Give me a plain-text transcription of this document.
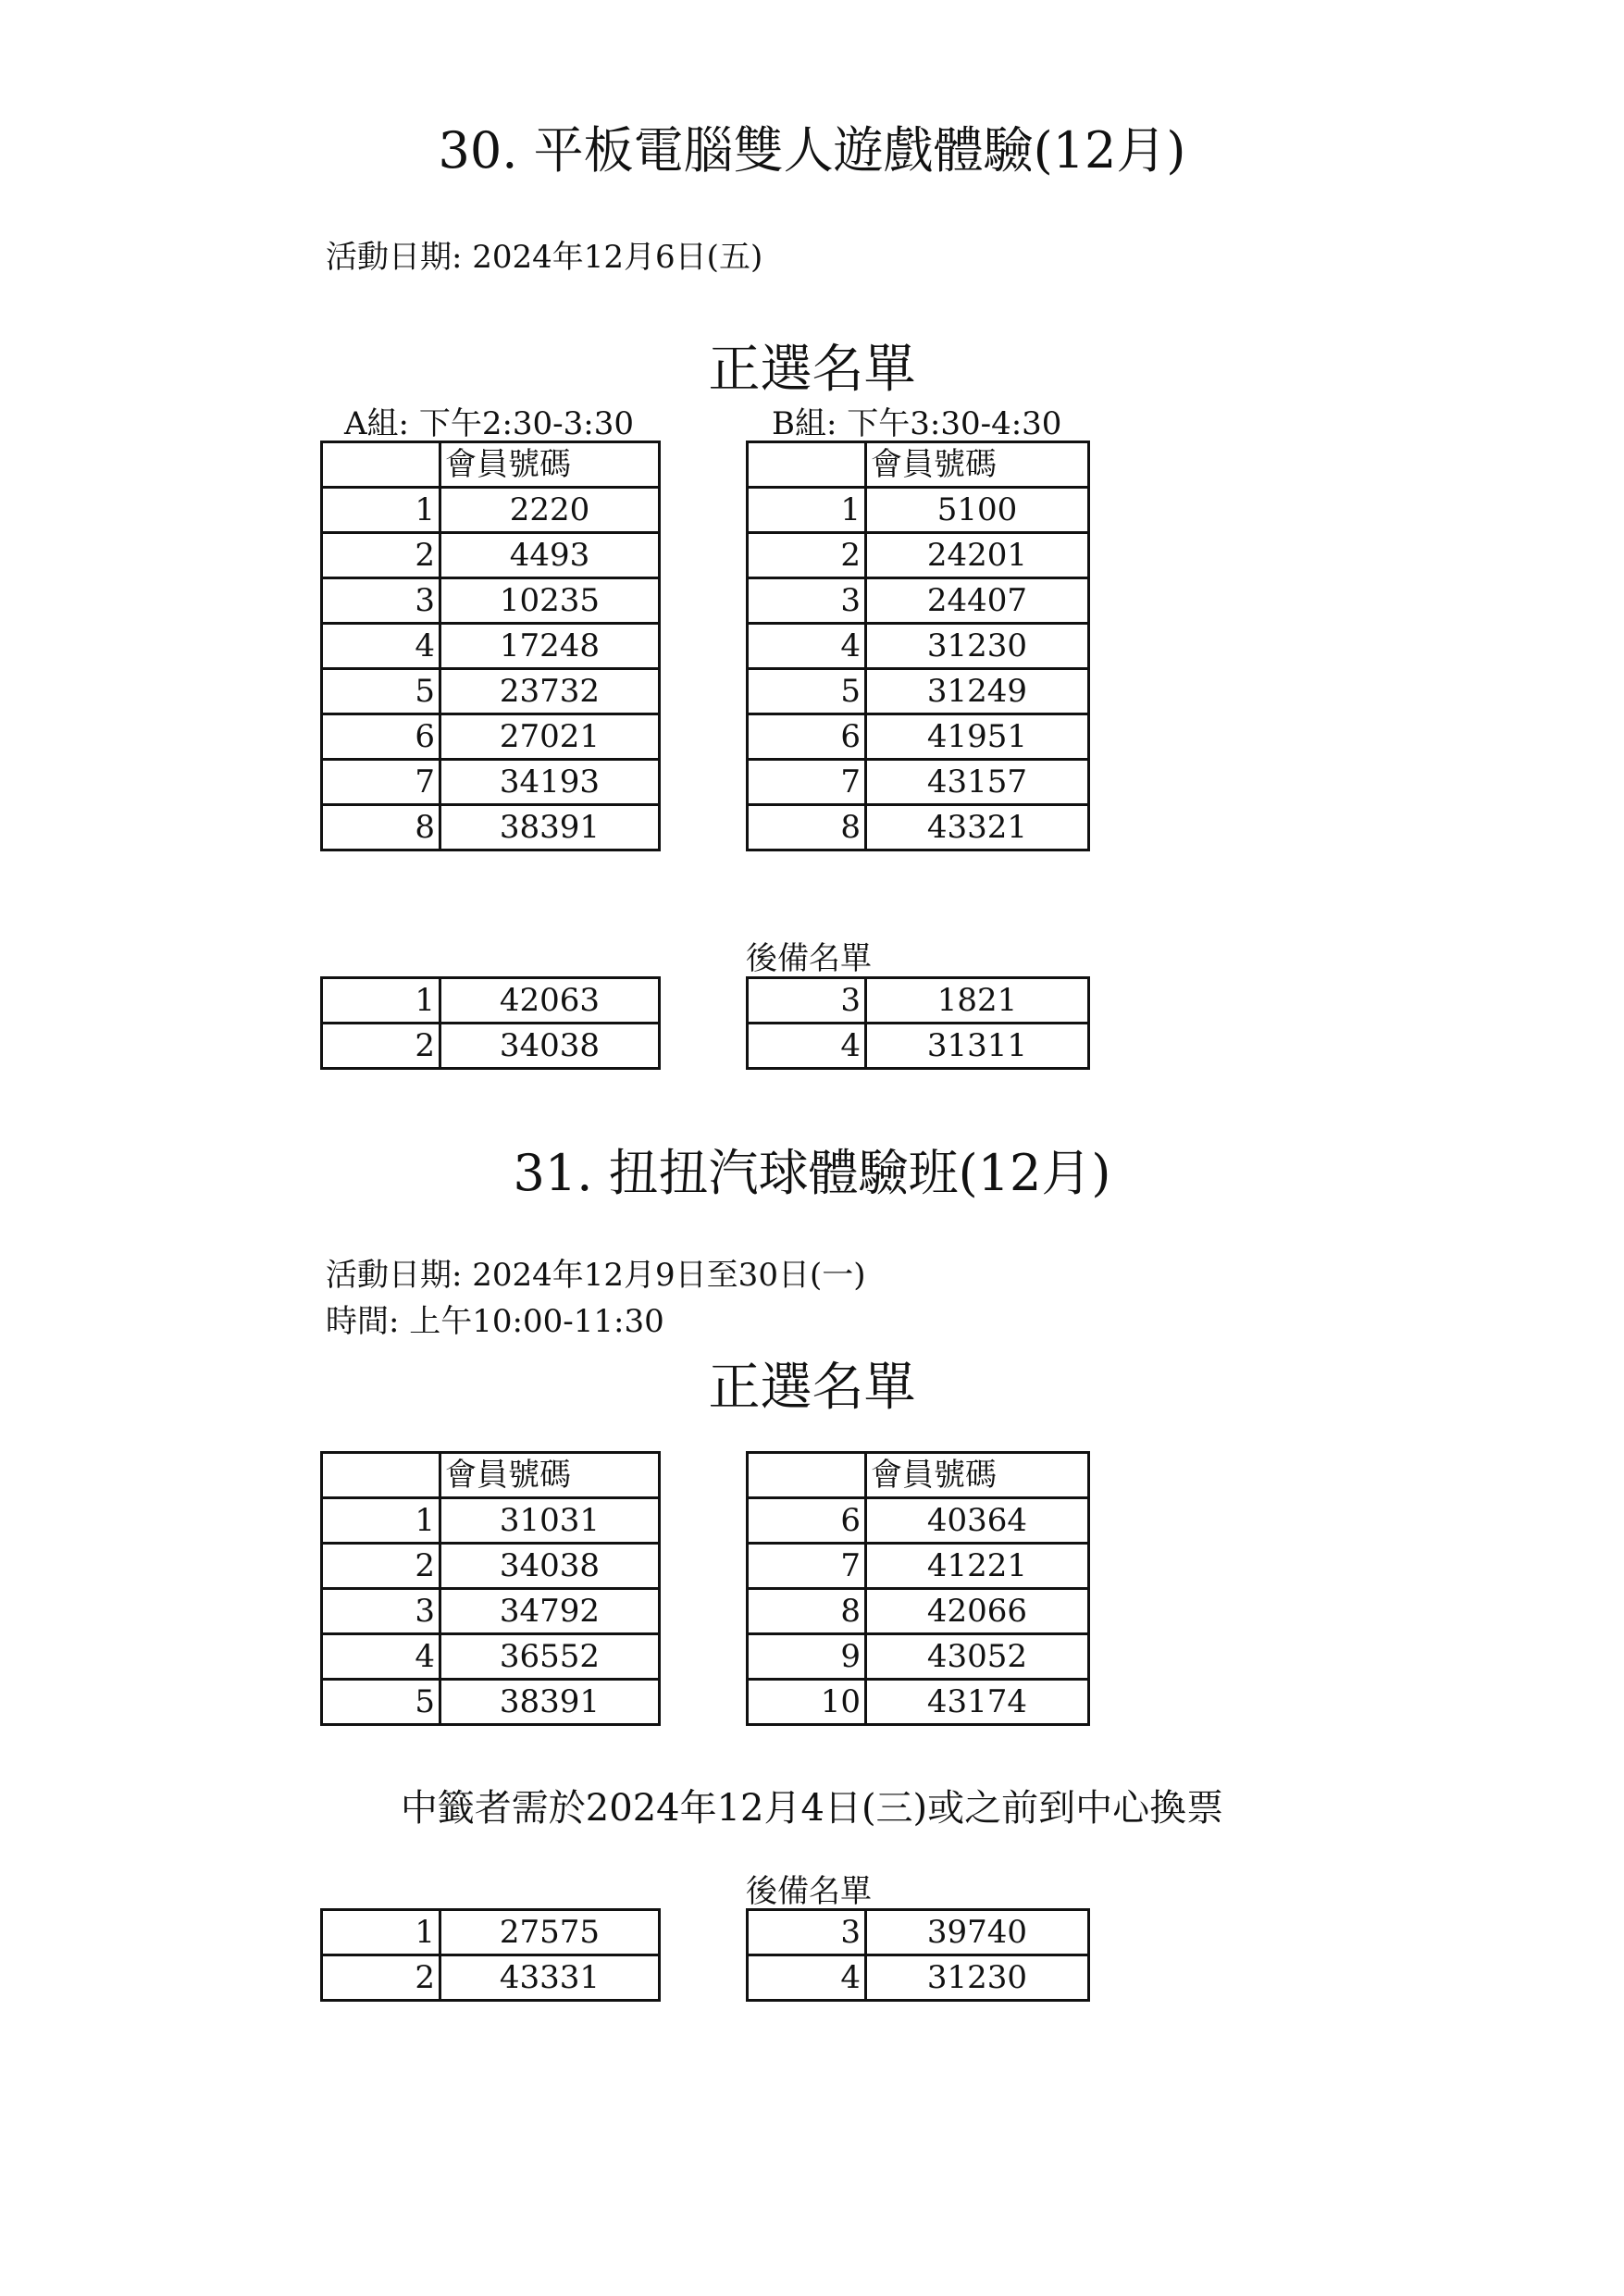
30. 平板電腦雙人遊戲體驗(12月)
活動日期: 2024年12月6日(五)
正選名單
A組: 下午2:30-3:30	B組: 下午3:30-4:30
	會員號碼
1	2220
2	4493
3	10235
4	17248
5	23732
6	27021
7	34193
8	38391
	會員號碼
1	5100
2	24201
3	24407
4	31230
5	31249
6	41951
7	43157
8	43321
後備名單
1	42063
2	34038
3	1821
4	31311
31. 扭扭汽球體驗班(12月)
活動日期: 2024年12月9日至30日(一)
時間: 上午10:00-11:30
正選名單
	會員號碼
1	31031
2	34038
3	34792
4	36552
5	38391
	會員號碼
6	40364
7	41221
8	42066
9	43052
10	43174
中籤者需於2024年12月4日(三)或之前到中心換票
後備名單
1	27575
2	43331
3	39740
4	31230
